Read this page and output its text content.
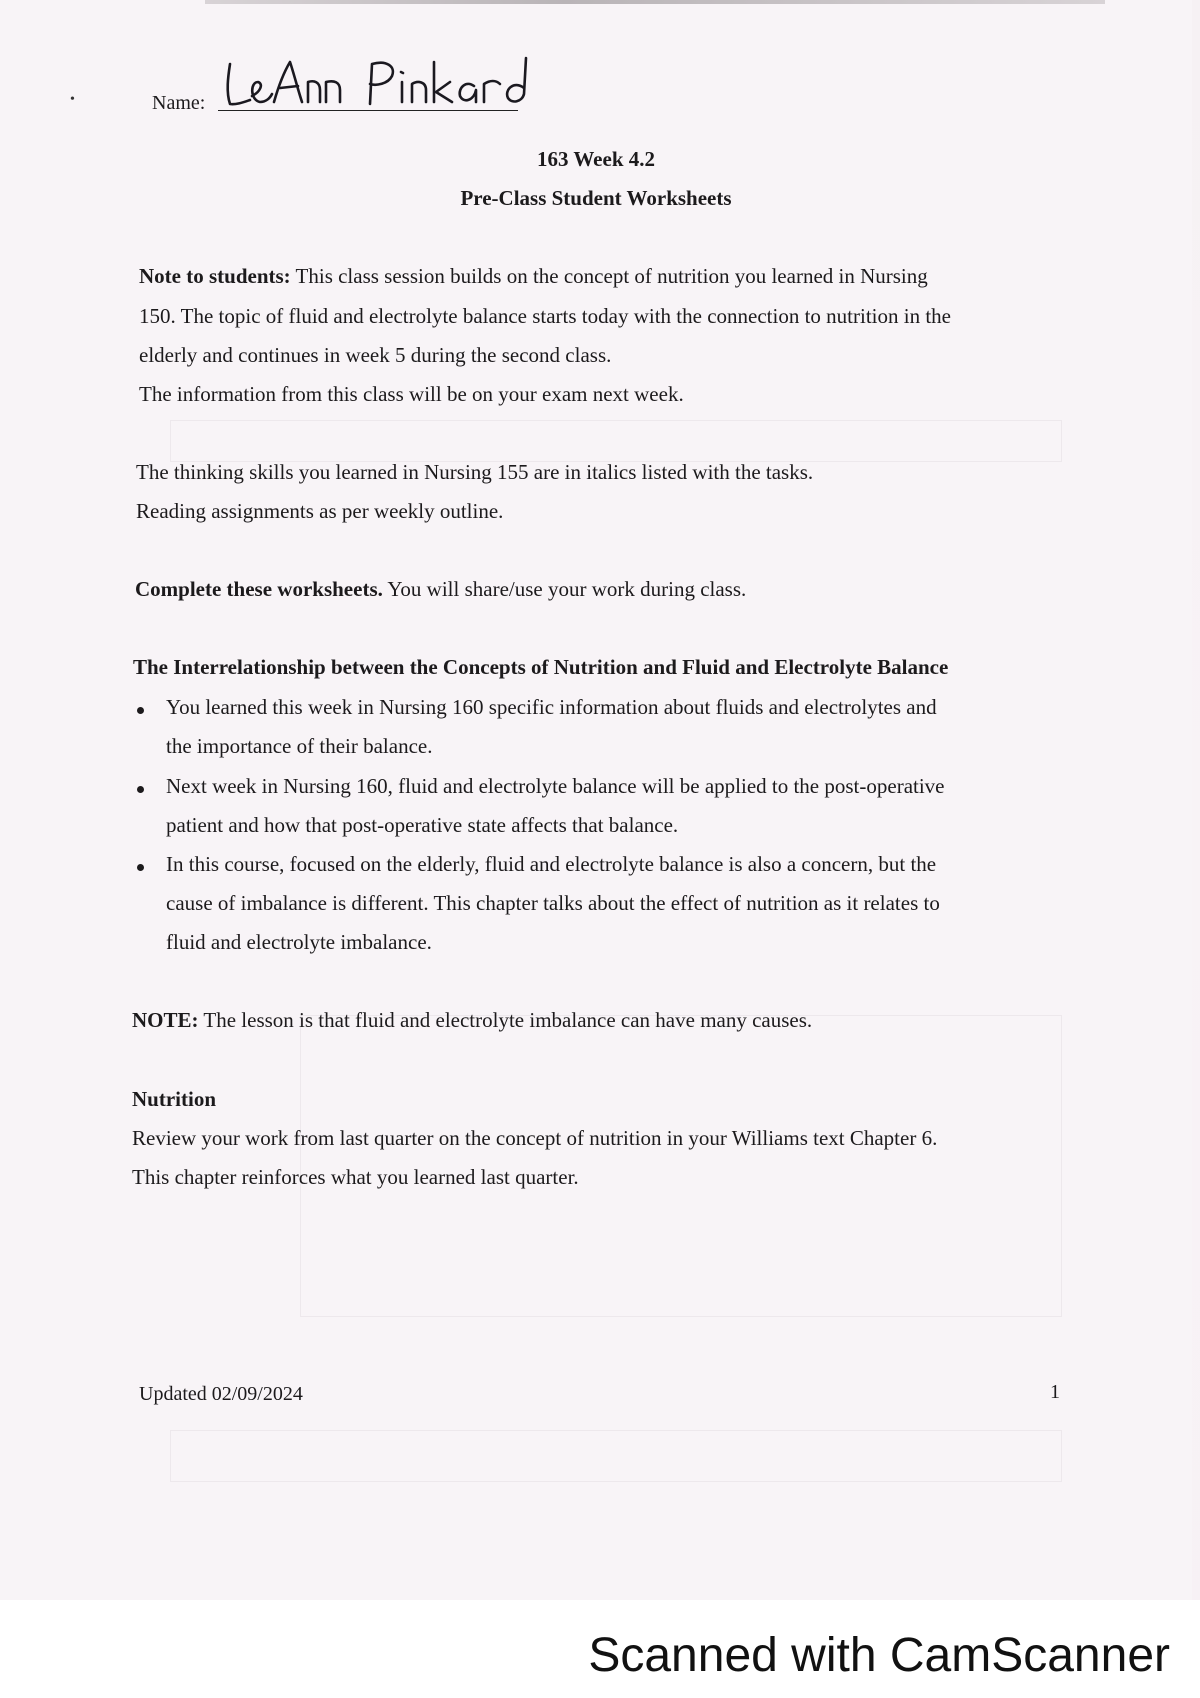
•	Name:
163 Week 4.2
Pre-Class Student Worksheets
Note to students: This class session builds on the concept of nutrition you learned in Nursing
150. The topic of fluid and electrolyte balance starts today with the connection to nutrition in the
elderly and continues in week 5 during the second class.
The information from this class will be on your exam next week.
The thinking skills you learned in Nursing 155 are in italics listed with the tasks.
Reading assignments as per weekly outline.
Complete these worksheets. You will share/use your work during class.
The Interrelationship between the Concepts of Nutrition and Fluid and Electrolyte Balance
You learned this week in Nursing 160 specific information about fluids and electrolytes and
the importance of their balance.
Next week in Nursing 160, fluid and electrolyte balance will be applied to the post-operative
patient and how that post-operative state affects that balance.
In this course, focused on the elderly, fluid and electrolyte balance is also a concern, but the
cause of imbalance is different. This chapter talks about the effect of nutrition as it relates to
fluid and electrolyte imbalance.
NOTE: The lesson is that fluid and electrolyte imbalance can have many causes.
Nutrition
Review your work from last quarter on the concept of nutrition in your Williams text Chapter 6.
This chapter reinforces what you learned last quarter.
Updated 02/09/2024	1
Scanned with CamScanner
